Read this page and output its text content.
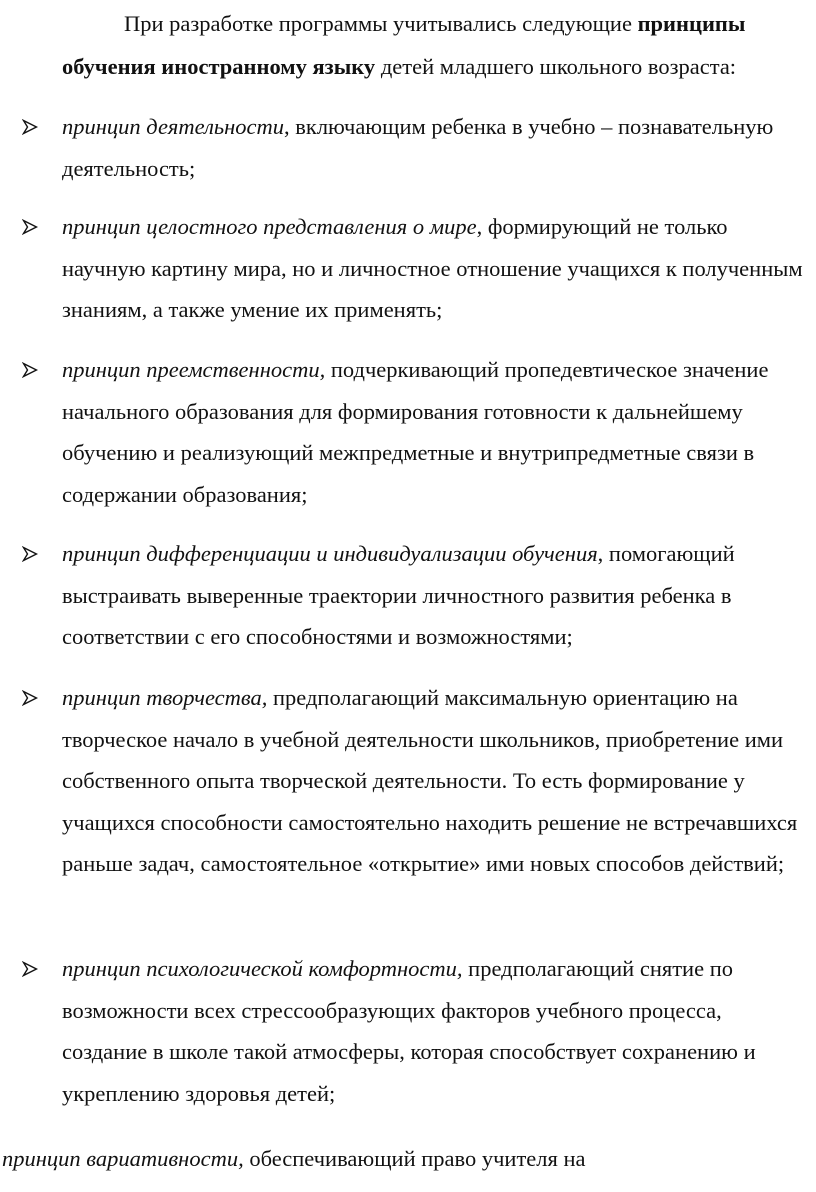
При разработке программы учитывались следующие принципы
обучения иностранному языку детей младшего школьного возраста:

принцип деятельности, включающим ребенка в учебно – познавательную деятельность;
принцип целостного представления о мире, формирующий не только научную картину мира, но и личностное отношение учащихся к полученным знаниям, а также умение их применять;
принцип преемственности, подчеркивающий пропедевтическое значение начального образования для формирования готовности к дальнейшему обучению и реализующий межпредметные и внутрипредметные связи в содержании образования;
принцип дифференциации и индивидуализации обучения, помогающий выстраивать выверенные траектории личностного развития ребенка в соответствии с его способностями и возможностями;
принцип творчества, предполагающий максимальную ориентацию на творческое начало в учебной деятельности школьников, приобретение ими собственного опыта творческой деятельности. То есть формирование у учащихся способности самостоятельно находить решение не встречавшихся раньше задач, самостоятельное «открытие» ими новых способов действий;
принцип психологической комфортности, предполагающий снятие по возможности всех стрессообразующих факторов учебного процесса, создание в школе такой атмосферы, которая способствует сохранению и укреплению здоровья детей;

принцип вариативности, обеспечивающий право учителя на
